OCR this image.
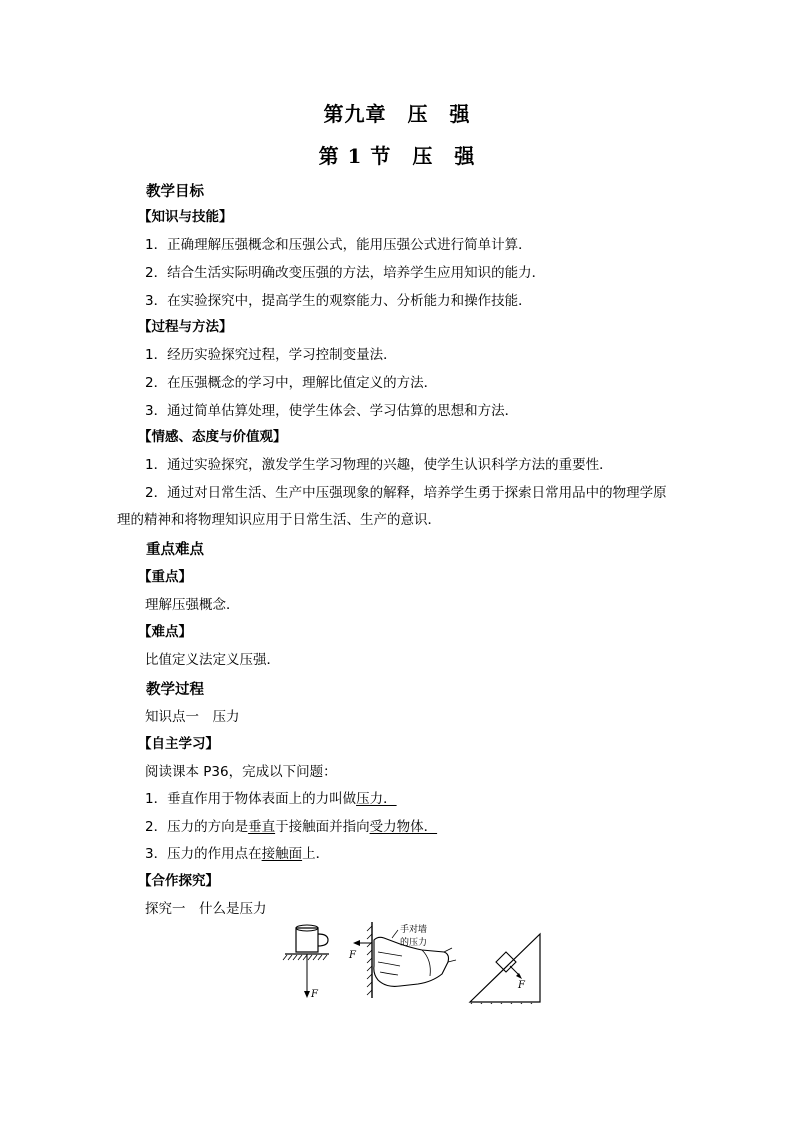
第九章　压　强
第 1 节　压　强
教学目标
【知识与技能】
1．正确理解压强概念和压强公式，能用压强公式进行简单计算．
2．结合生活实际明确改变压强的方法，培养学生应用知识的能力．
3．在实验探究中，提高学生的观察能力、分析能力和操作技能．
【过程与方法】
1．经历实验探究过程，学习控制变量法．
2．在压强概念的学习中，理解比值定义的方法．
3．通过简单估算处理，使学生体会、学习估算的思想和方法．
【情感、态度与价值观】
1．通过实验探究，激发学生学习物理的兴趣，使学生认识科学方法的重要性．
2．通过对日常生活、生产中压强现象的解释，培养学生勇于探索日常用品中的物理学原
理的精神和将物理知识应用于日常生活、生产的意识．
重点难点
【重点】
理解压强概念．
【难点】
比值定义法定义压强．
教学过程
知识点一　压力
【自主学习】
阅读课本 P36，完成以下问题：
1．垂直作用于物体表面上的力叫做压力．
2．压力的方向是垂直于接触面并指向受力物体．
3．压力的作用点在接触面上．
【合作探究】
探究一　什么是压力
F
F
手对墙
的压力
F
